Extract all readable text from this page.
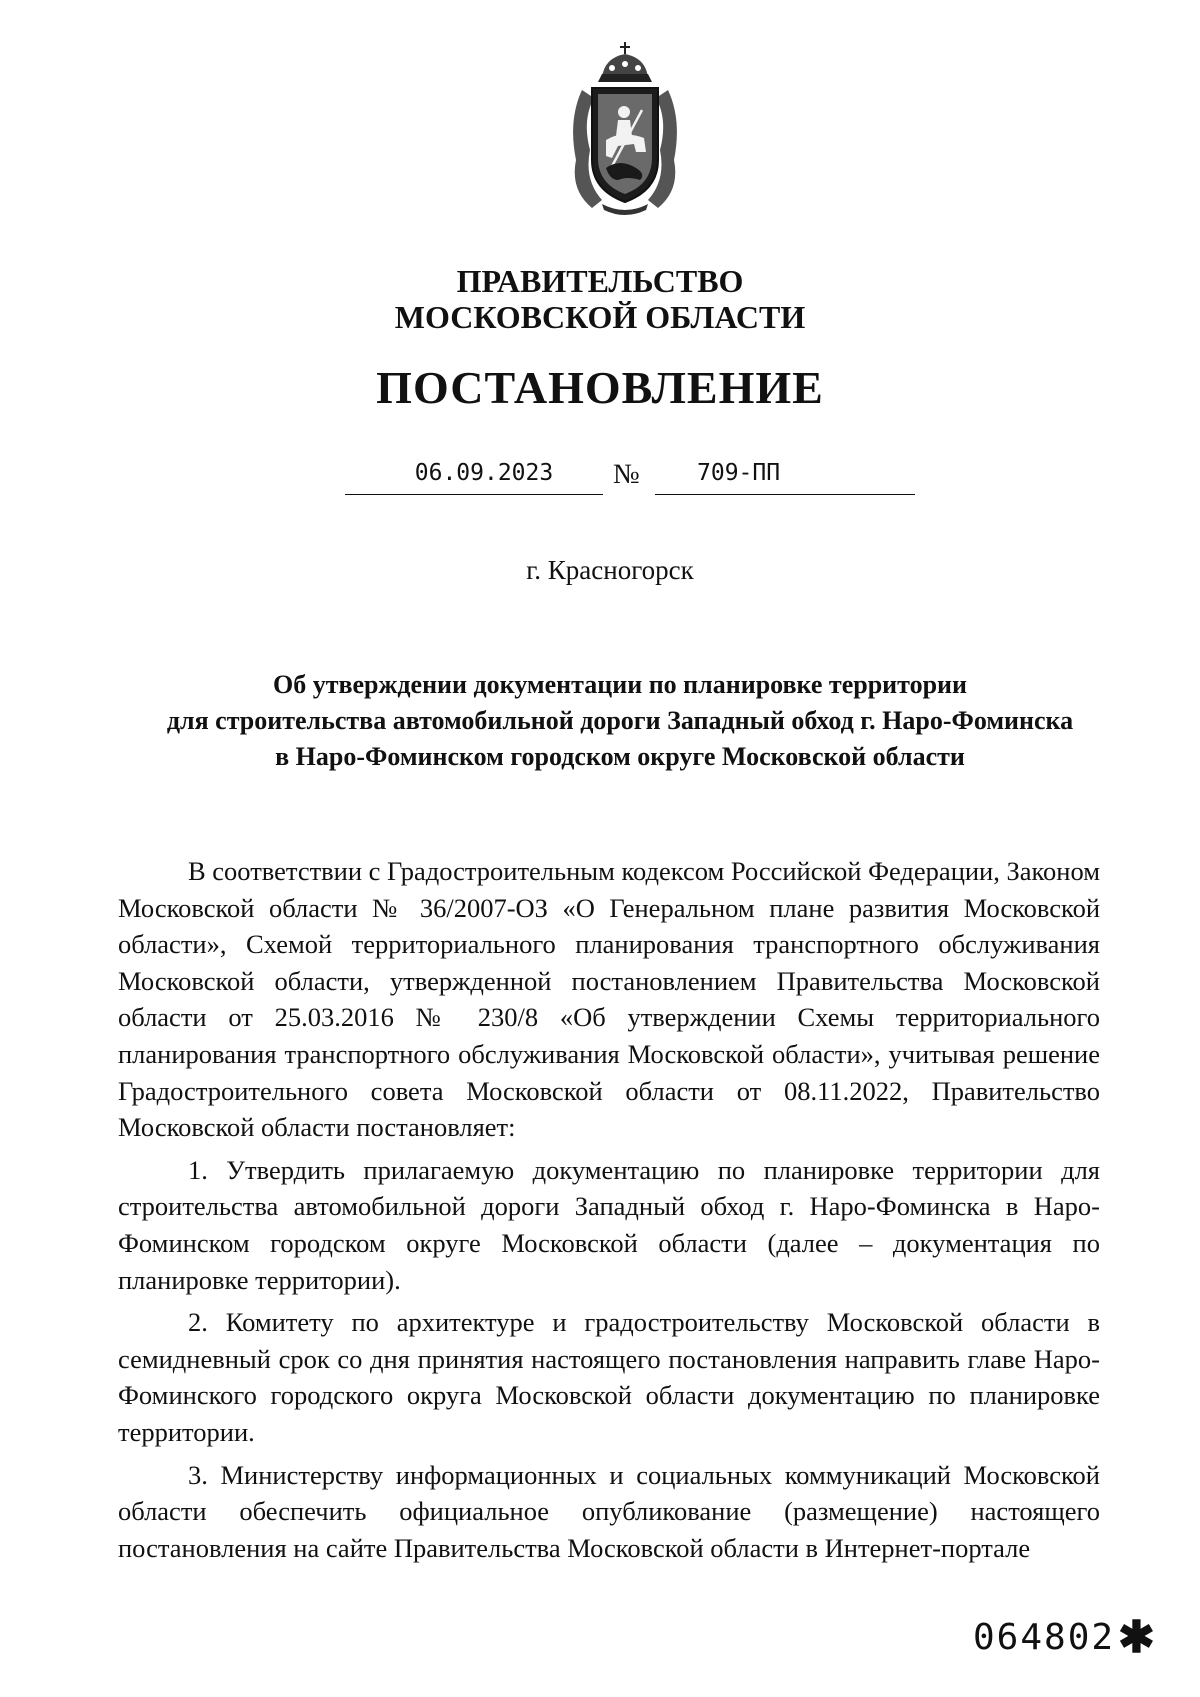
ПРАВИТЕЛЬСТВО
МОСКОВСКОЙ ОБЛАСТИ
ПОСТАНОВЛЕНИЕ
06.09.2023	№	709-ПП
г. Красногорск
Об утверждении документации по планировке территории
для строительства автомобильной дороги Западный обход г. Наро-Фоминска
в Наро-Фоминском городском округе Московской области

В соответствии с Градостроительным кодексом Российской Федерации, Законом Московской области № 36/2007-ОЗ «О Генеральном плане развития Московской области», Схемой территориального планирования транспортного обслуживания Московской области, утвержденной постановлением Правительства Московской области от 25.03.2016 № 230/8 «Об утверждении Схемы территориального планирования транспортного обслуживания Московской области», учитывая решение Градостроительного совета Московской области от 08.11.2022, Правительство Московской области постановляет:

1. Утвердить прилагаемую документацию по планировке территории для строительства автомобильной дороги Западный обход г. Наро-Фоминска в Наро-Фоминском городском округе Московской области (далее – документация по планировке территории).

2. Комитету по архитектуре и градостроительству Московской области в семидневный срок со дня принятия настоящего постановления направить главе Наро-Фоминского городского округа Московской области документацию по планировке территории.

3. Министерству информационных и социальных коммуникаций Московской области обеспечить официальное опубликование (размещение) настоящего постановления на сайте Правительства Московской области в Интернет-портале

064802 ✱
